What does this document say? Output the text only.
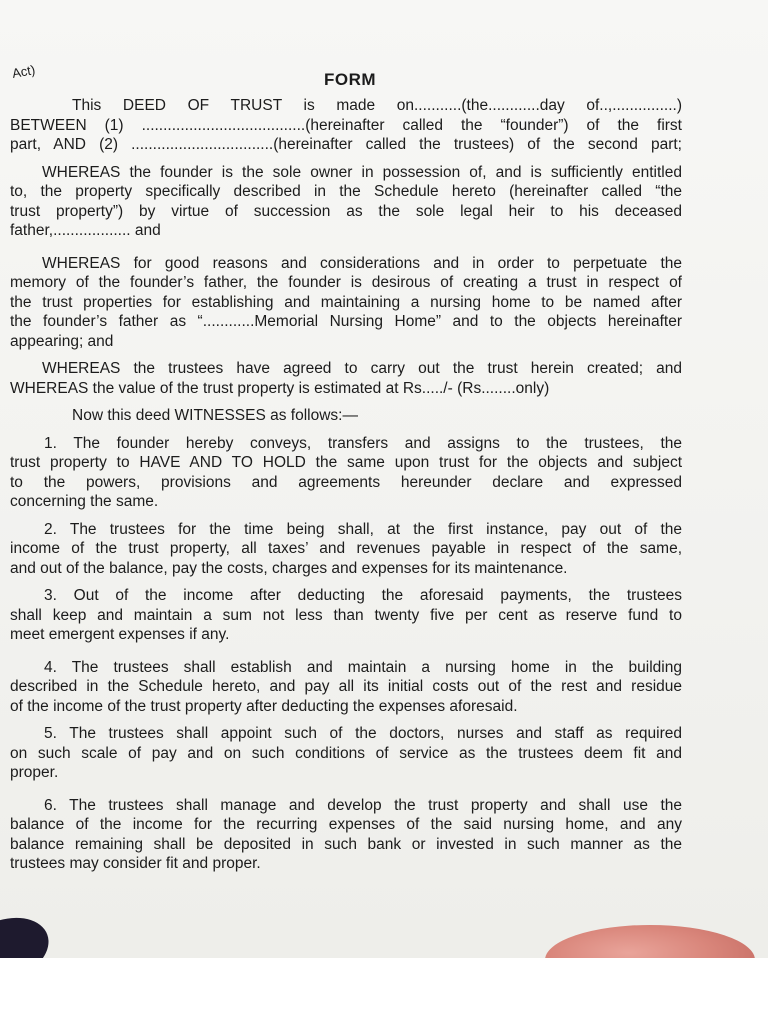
Act)	FORM
This DEED OF TRUST is made on...........(the............day of..,...............)
BETWEEN (1) ......................................(hereinafter called the “founder”) of the first
part, AND (2) .................................(hereinafter called the trustees) of the second part;
WHEREAS the founder is the sole owner in possession of, and is sufficiently entitled
to, the property specifically described in the Schedule hereto (hereinafter called “the
trust property”) by virtue of succession as the sole legal heir to his deceased
father,.................. and
WHEREAS for good reasons and considerations and in order to perpetuate the
memory of the founder’s father, the founder is desirous of creating a trust in respect of
the trust properties for establishing and maintaining a nursing home to be named after
the founder’s father as “............Memorial Nursing Home” and to the objects hereinafter
appearing; and
WHEREAS the trustees have agreed to carry out the trust herein created; and
WHEREAS the value of the trust property is estimated at Rs...../- (Rs........only)
Now this deed WITNESSES as follows:—
1. The founder hereby conveys, transfers and assigns to the trustees, the
trust property to HAVE AND TO HOLD the same upon trust for the objects and subject
to the powers, provisions and agreements hereunder declare and expressed
concerning the same.
2. The trustees for the time being shall, at the first instance, pay out of the
income of the trust property, all taxes’ and revenues payable in respect of the same,
and out of the balance, pay the costs, charges and expenses for its maintenance.
3. Out of the income after deducting the aforesaid payments, the trustees
shall keep and maintain a sum not less than twenty five per cent as reserve fund to
meet emergent expenses if any.
4. The trustees shall establish and maintain a nursing home in the building
described in the Schedule hereto, and pay all its initial costs out of the rest and residue
of the income of the trust property after deducting the expenses aforesaid.
5. The trustees shall appoint such of the doctors, nurses and staff as required
on such scale of pay and on such conditions of service as the trustees deem fit and
proper.
6. The trustees shall manage and develop the trust property and shall use the
balance of the income for the recurring expenses of the said nursing home, and any
balance remaining shall be deposited in such bank or invested in such manner as the
trustees may consider fit and proper.
